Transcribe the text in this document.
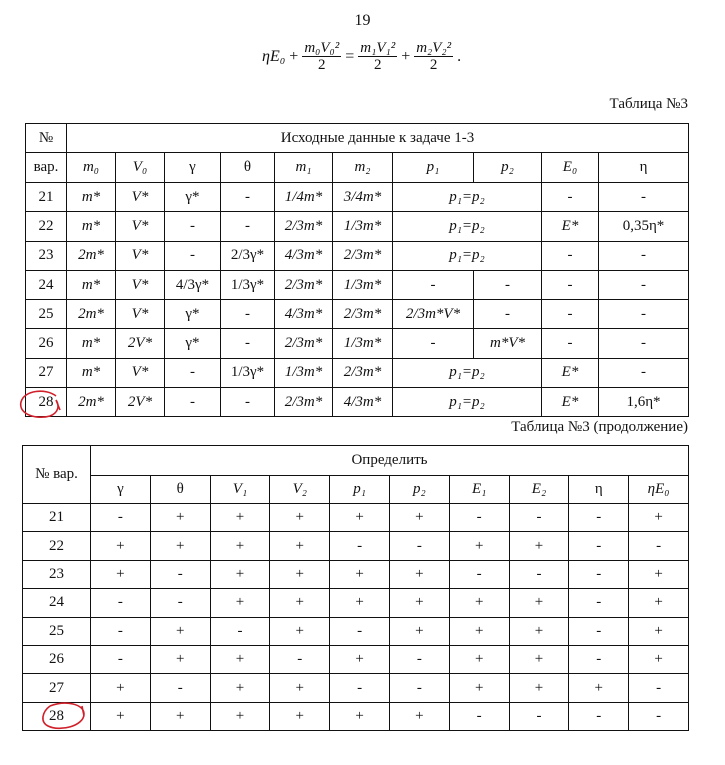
19
$\eta E_0 + \frac{\text{m₀V₀²}}{2} = \frac{\text{m₁V₁²}}{2} + \frac{\text{m₂V₂²}}{2}$ .
Таблица №3
№	Исходные данные к задаче 1-3									
вар.	m₀	V₀	γ	θ	m₁	m₂	p₁	p₂	E₀	η
21	m*	V*	γ*	-	1/4m*	3/4m*	p₁=p₂		-	-
22	m*	V*	-	-	2/3m*	1/3m*	p₁=p₂		E*	0,35η*
23	2m*	V*	-	2/3γ*	4/3m*	2/3m*	p₁=p₂		-	-
24	m*	V*	4/3γ*	1/3γ*	2/3m*	1/3m*	-	-	-	-
25	2m*	V*	γ*	-	4/3m*	2/3m*	2/3m*V*	-	-	-
26	m*	2V*	γ*	-	2/3m*	1/3m*	-	m*V*	-	-
27	m*	V*	-	1/3γ*	1/3m*	2/3m*	p₁=p₂		E*	-
28	2m*	2V*	-	-	2/3m*	4/3m*	p₁=p₂		E*	1,6η*
Таблица №3 (продолжение)
№ вар.	Определить									
	γ	θ	V₁	V₂	p₁	p₂	E₁	E₂	η	ηE₀
21	-	+	+	+	+	+	-	-	-	+
22	+	+	+	+	-	-	+	+	-	-
23	+	-	+	+	+	+	-	-	-	+
24	-	-	+	+	+	+	+	+	-	+
25	-	+	-	+	-	+	+	+	-	+
26	-	+	+	-	+	-	+	+	-	+
27	+	-	+	+	-	-	+	+	+	-
28	+	+	+	+	+	+	-	-	-	-
